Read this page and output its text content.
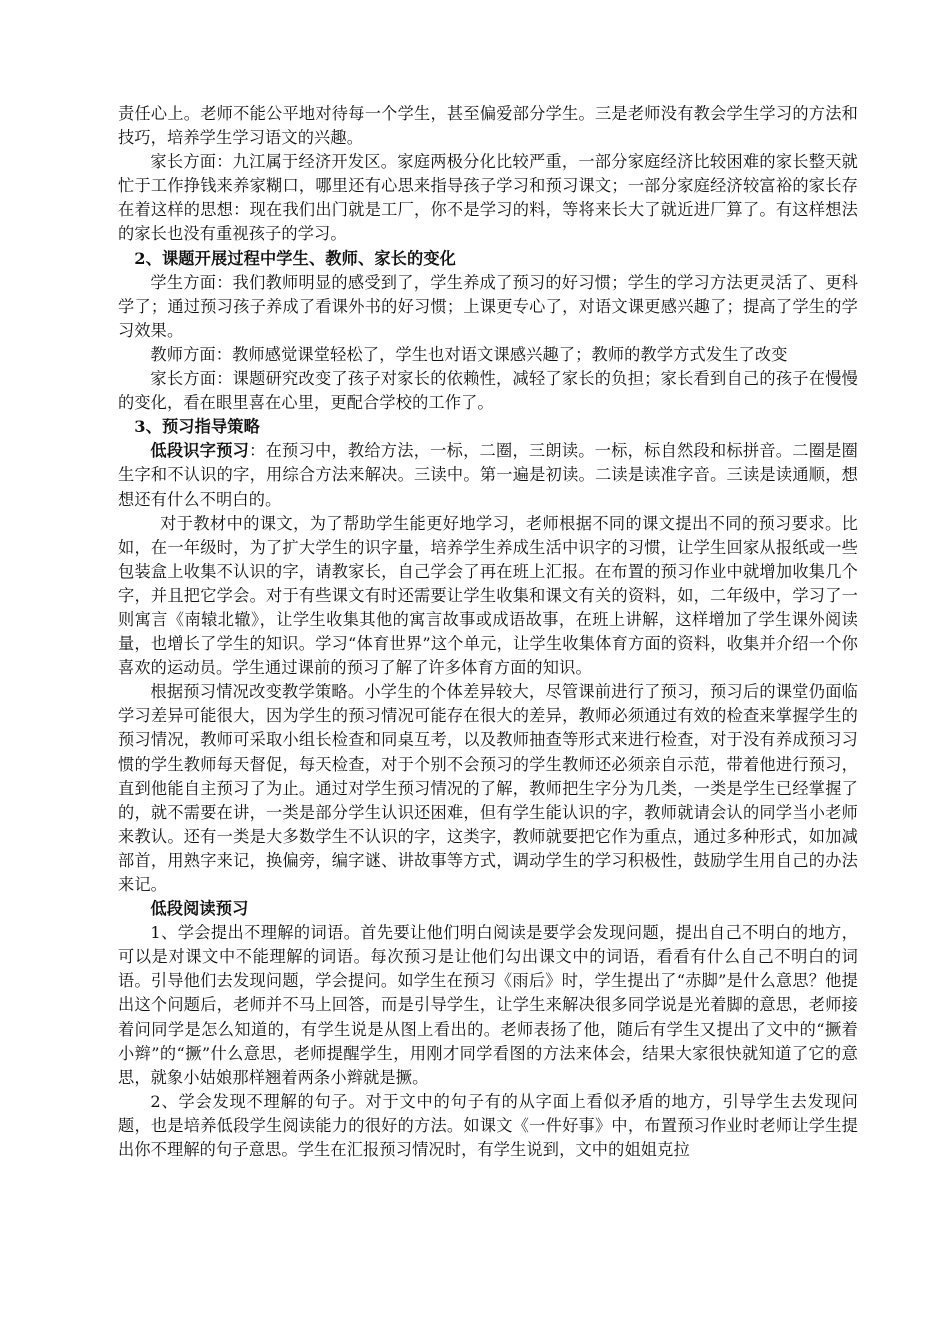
责任心上。老师不能公平地对待每一个学生，甚至偏爱部分学生。三是老师没有教会学生学习的方法和技巧，培养学生学习语文的兴趣。

家长方面：九江属于经济开发区。家庭两极分化比较严重，一部分家庭经济比较困难的家长整天就忙于工作挣钱来养家糊口，哪里还有心思来指导孩子学习和预习课文；一部分家庭经济较富裕的家长存在着这样的思想：现在我们出门就是工厂，你不是学习的料，等将来长大了就近进厂算了。有这样想法的家长也没有重视孩子的学习。

2、课题开展过程中学生、教师、家长的变化

学生方面：我们教师明显的感受到了，学生养成了预习的好习惯；学生的学习方法更灵活了、更科学了；通过预习孩子养成了看课外书的好习惯；上课更专心了，对语文课更感兴趣了；提高了学生的学习效果。

教师方面：教师感觉课堂轻松了，学生也对语文课感兴趣了；教师的教学方式发生了改变

家长方面：课题研究改变了孩子对家长的依赖性，减轻了家长的负担；家长看到自己的孩子在慢慢的变化，看在眼里喜在心里，更配合学校的工作了。

3、预习指导策略

低段识字预习：在预习中，教给方法，一标，二圈，三朗读。一标，标自然段和标拼音。二圈是圈生字和不认识的字，用综合方法来解决。三读中。第一遍是初读。二读是读准字音。三读是读通顺，想想还有什么不明白的。

对于教材中的课文，为了帮助学生能更好地学习，老师根据不同的课文提出不同的预习要求。比如，在一年级时，为了扩大学生的识字量，培养学生养成生活中识字的习惯，让学生回家从报纸或一些包装盒上收集不认识的字，请教家长，自己学会了再在班上汇报。在布置的预习作业中就增加收集几个字，并且把它学会。对于有些课文有时还需要让学生收集和课文有关的资料，如，二年级中，学习了一则寓言《南辕北辙》，让学生收集其他的寓言故事或成语故事，在班上讲解，这样增加了学生课外阅读量，也增长了学生的知识。学习“体育世界”这个单元，让学生收集体育方面的资料，收集并介绍一个你喜欢的运动员。学生通过课前的预习了解了许多体育方面的知识。

根据预习情况改变教学策略。小学生的个体差异较大，尽管课前进行了预习，预习后的课堂仍面临学习差异可能很大，因为学生的预习情况可能存在很大的差异，教师必须通过有效的检查来掌握学生的预习情况，教师可采取小组长检查和同桌互考，以及教师抽查等形式来进行检查，对于没有养成预习习惯的学生教师每天督促，每天检查，对于个别不会预习的学生教师还必须亲自示范，带着他进行预习，直到他能自主预习了为止。通过对学生预习情况的了解，教师把生字分为几类，一类是学生已经掌握了的，就不需要在讲，一类是部分学生认识还困难，但有学生能认识的字，教师就请会认的同学当小老师来教认。还有一类是大多数学生不认识的字，这类字，教师就要把它作为重点，通过多种形式，如加减部首，用熟字来记，换偏旁，编字谜、讲故事等方式，调动学生的学习积极性，鼓励学生用自己的办法来记。

低段阅读预习

1、学会提出不理解的词语。首先要让他们明白阅读是要学会发现问题，提出自己不明白的地方，可以是对课文中不能理解的词语。每次预习是让他们勾出课文中的词语，看看有什么自己不明白的词语。引导他们去发现问题，学会提问。如学生在预习《雨后》时，学生提出了“赤脚”是什么意思？他提出这个问题后，老师并不马上回答，而是引导学生，让学生来解决很多同学说是光着脚的意思，老师接着问同学是怎么知道的，有学生说是从图上看出的。老师表扬了他，随后有学生又提出了文中的“撅着小辫”的“撅”什么意思，老师提醒学生，用刚才同学看图的方法来体会，结果大家很快就知道了它的意思，就象小姑娘那样翘着两条小辫就是撅。

2、学会发现不理解的句子。对于文中的句子有的从字面上看似矛盾的地方，引导学生去发现问题，也是培养低段学生阅读能力的很好的方法。如课文《一件好事》中，布置预习作业时老师让学生提出你不理解的句子意思。学生在汇报预习情况时，有学生说到，文中的姐姐克拉
